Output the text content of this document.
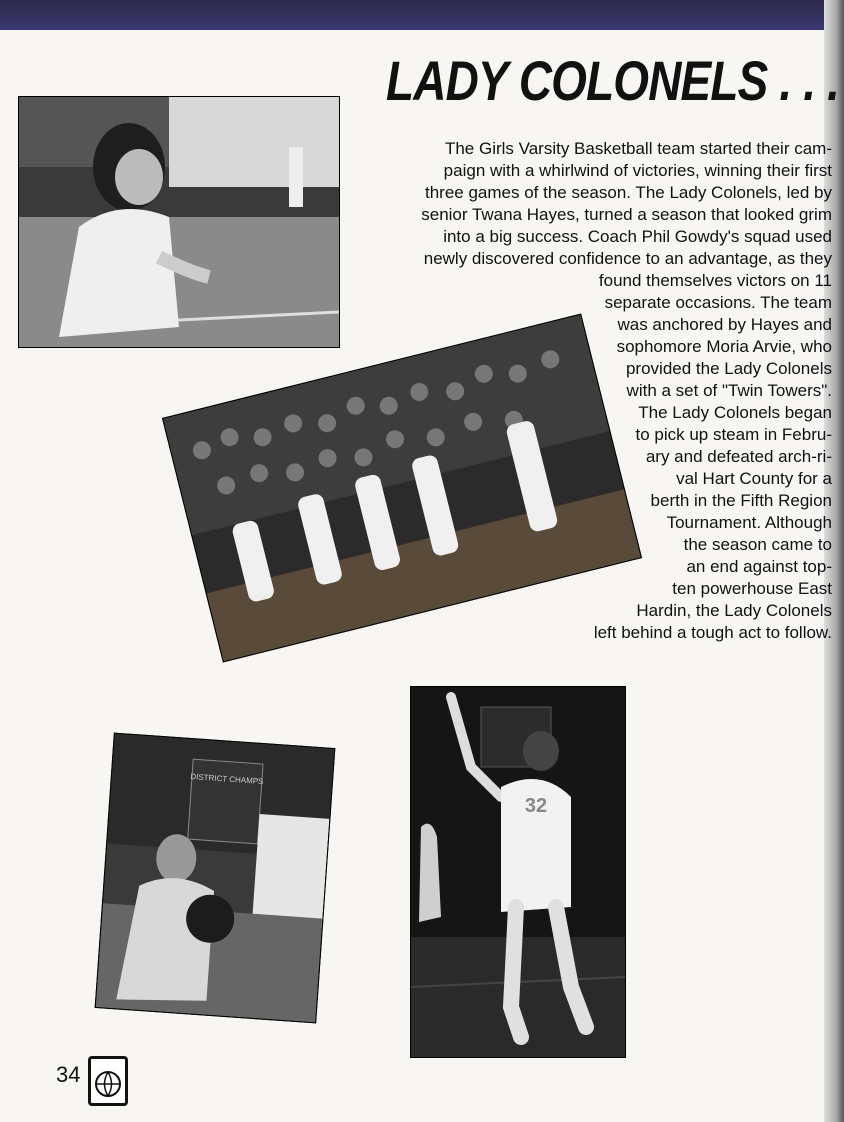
LADY COLONELS . . .
DISTRICT CHAMPS
32
The Girls Varsity Basketball team started their cam-
paign with a whirlwind of victories, winning their first
three games of the season. The Lady Colonels, led by
senior Twana Hayes, turned a season that looked grim
into a big success. Coach Phil Gowdy's squad used
newly discovered confidence to an advantage, as they
found themselves victors on 11
separate occasions. The team
was anchored by Hayes and
sophomore Moria Arvie, who
provided the Lady Colonels
with a set of "Twin Towers".
The Lady Colonels began
to pick up steam in Febru-
ary and defeated arch-ri-
val Hart County for a
berth in the Fifth Region
Tournament. Although
the season came to
an end against top-
ten powerhouse East
Hardin, the Lady Colonels
left behind a tough act to follow.
34
